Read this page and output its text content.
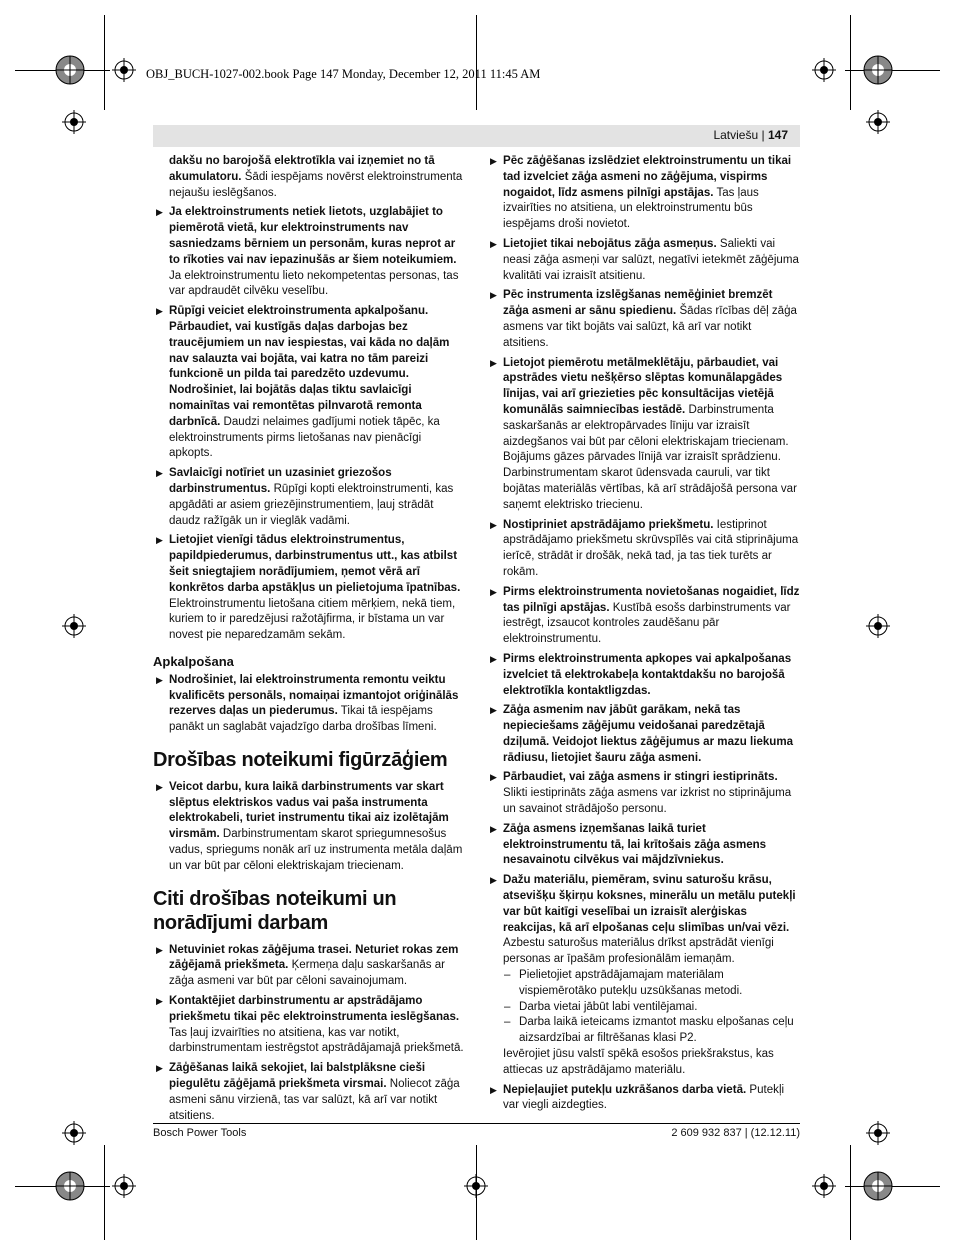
OBJ_BUCH-1027-002.book Page 147 Monday, December 12, 2011 11:45 AM
Latviešu | 147

dakšu no barojošā elektrotīkla vai izņemiet no tā akumulatoru. Šādi iespējams novērst elektroinstrumenta nejaušu ieslēgšanos.

▶ Ja elektroinstruments netiek lietots, uzglabājiet to piemērotā vietā, kur elektroinstruments nav sasniedzams bērniem un personām, kuras neprot ar to rīkoties vai nav iepazinušās ar šiem noteikumiem. Ja elektroinstrumentu lieto nekompetentas personas, tas var apdraudēt cilvēku veselību.

▶ Rūpīgi veiciet elektroinstrumenta apkalpošanu. Pārbaudiet, vai kustīgās daļas darbojas bez traucējumiem un nav iespiestas, vai kāda no daļām nav salauzta vai bojāta, vai katra no tām pareizi funkcionē un pilda tai paredzēto uzdevumu. Nodrošiniet, lai bojātās daļas tiktu savlaicīgi nomainītas vai remontētas pilnvarotā remonta darbnīcā. Daudzi nelaimes gadījumi notiek tāpēc, ka elektroinstruments pirms lietošanas nav pienācīgi apkopts.

▶ Savlaicīgi notīriet un uzasiniet griezošos darbinstrumentus. Rūpīgi kopti elektroinstrumenti, kas apgādāti ar asiem griezējinstrumentiem, ļauj strādāt daudz ražīgāk un ir vieglāk vadāmi.

▶ Lietojiet vienīgi tādus elektroinstrumentus, papildpiederumus, darbinstrumentus utt., kas atbilst šeit sniegtajiem norādījumiem, ņemot vērā arī konkrētos darba apstākļus un pielietojuma īpatnības. Elektroinstrumentu lietošana citiem mērķiem, nekā tiem, kuriem to ir paredzējusi ražotājfirma, ir bīstama un var novest pie neparedzamām sekām.

Apkalpošana

▶ Nodrošiniet, lai elektroinstrumenta remontu veiktu kvalificēts personāls, nomaiņai izmantojot oriģinālās rezerves daļas un piederumus. Tikai tā iespējams panākt un saglabāt vajadzīgo darba drošības līmeni.

Drošības noteikumi figūrzāģiem

▶ Veicot darbu, kura laikā darbinstruments var skart slēptus elektriskos vadus vai paša instrumenta elektrokabeli, turiet instrumentu tikai aiz izolētajām virsmām. Darbinstrumentam skarot spriegumnesošus vadus, spriegums nonāk arī uz instrumenta metāla daļām un var būt par cēloni elektriskajam triecienam.

Citi drošības noteikumi un norādījumi darbam

▶ Netuviniet rokas zāģējuma trasei. Neturiet rokas zem zāģējamā priekšmeta. Ķermeņa daļu saskaršanās ar zāģa asmeni var būt par cēloni savainojumam.

▶ Kontaktējiet darbinstrumentu ar apstrādājamo priekšmetu tikai pēc elektroinstrumenta ieslēgšanas. Tas ļauj izvairīties no atsitiena, kas var notikt, darbinstrumentam iestrēgstot apstrādājamajā priekšmetā.

▶ Zāģēšanas laikā sekojiet, lai balstplāksne cieši piegulētu zāģējamā priekšmeta virsmai. Noliecot zāģa asmeni sānu virzienā, tas var salūzt, kā arī var notikt atsitiens.

▶ Pēc zāģēšanas izslēdziet elektroinstrumentu un tikai tad izvelciet zāģa asmeni no zāģējuma, vispirms nogaidot, līdz asmens pilnīgi apstājas. Tas ļaus izvairīties no atsitiena, un elektroinstrumentu būs iespējams droši novietot.

▶ Lietojiet tikai nebojātus zāģa asmeņus. Saliekti vai neasi zāģa asmeņi var salūzt, negatīvi ietekmēt zāģējuma kvalitāti vai izraisīt atsitienu.

▶ Pēc instrumenta izslēgšanas nemēģiniet bremzēt zāģa asmeni ar sānu spiedienu. Šādas rīcības dēļ zāģa asmens var tikt bojāts vai salūzt, kā arī var notikt atsitiens.

▶ Lietojot piemērotu metālmeklētāju, pārbaudiet, vai apstrādes vietu nešķērso slēptas komunālapgādes līnijas, vai arī griezieties pēc konsultācijas vietējā komunālās saimniecības iestādē. Darbinstrumenta saskaršanās ar elektropārvades līniju var izraisīt aizdegšanos vai būt par cēloni elektriskajam triecienam. Bojājums gāzes pārvades līnijā var izraisīt sprādzienu. Darbinstrumentam skarot ūdensvada cauruli, var tikt bojātas materiālās vērtības, kā arī strādājošā persona var saņemt elektrisko triecienu.

▶ Nostipriniet apstrādājamo priekšmetu. Iestiprinot apstrādājamo priekšmetu skrūvspīlēs vai citā stiprinājuma ierīcē, strādāt ir drošāk, nekā tad, ja tas tiek turēts ar rokām.

▶ Pirms elektroinstrumenta novietošanas nogaidiet, līdz tas pilnīgi apstājas. Kustībā esošs darbinstruments var iestrēgt, izsaucot kontroles zaudēšanu pār elektroinstrumentu.

▶ Pirms elektroinstrumenta apkopes vai apkalpošanas izvelciet tā elektrokabeļa kontaktdakšu no barojošā elektrotīkla kontaktligzdas.

▶ Zāģa asmenim nav jābūt garākam, nekā tas nepieciešams zāģējumu veidošanai paredzētajā dziļumā. Veidojot liektus zāģējumus ar mazu liekuma rādiusu, lietojiet šauru zāģa asmeni.

▶ Pārbaudiet, vai zāģa asmens ir stingri iestiprināts. Slikti iestiprināts zāģa asmens var izkrist no stiprinājuma un savainot strādājošo personu.

▶ Zāģa asmens izņemšanas laikā turiet elektroinstrumentu tā, lai krītošais zāģa asmens nesavainotu cilvēkus vai mājdzīvniekus.

▶ Dažu materiālu, piemēram, svinu saturošu krāsu, atsevišķu šķirņu koksnes, minerālu un metālu putekļi var būt kaitīgi veselībai un izraisīt alerģiskas reakcijas, kā arī elpošanas ceļu slimības un/vai vēzi. Azbestu saturošus materiālus drīkst apstrādāt vienīgi personas ar īpašām profesionālām iemaņām.

– Pielietojiet apstrādājamajam materiālam vispiemērotāko putekļu uzsūkšanas metodi.

– Darba vietai jābūt labi ventilējamai.

– Darba laikā ieteicams izmantot masku elpošanas ceļu aizsardzībai ar filtrēšanas klasi P2.

Ievērojiet jūsu valstī spēkā esošos priekšrakstus, kas attiecas uz apstrādājamo materiālu.

▶ Nepieļaujiet putekļu uzkrāšanos darba vietā. Putekļi var viegli aizdegties.

Bosch Power Tools	2 609 932 837 | (12.12.11)
